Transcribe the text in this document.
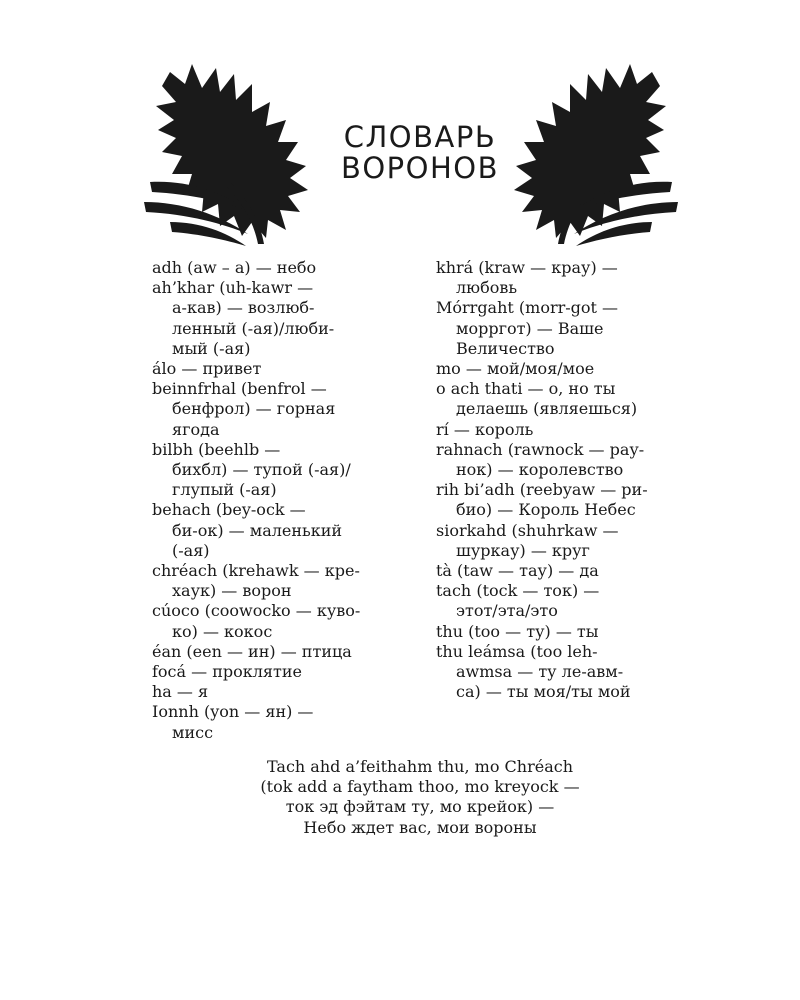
СЛОВАРЬ
ВОРОНОВ
adh (aw – a) — небо
ah’khar (uh-kawr —
а-кав) — возлюб-
ленный (-ая)/люби-
мый (-ая)
álo — привет
beinnfrhal (benfrol —
бенфрол) — горная
ягода
bilbh (beehlb —
бихбл) — тупой (-ая)/
глупый (-ая)
behach (bey-ock —
би-ок) — маленький
(-ая)
chréach (krehawk — кре-
хаук) — ворон
cúoco (coowocko — куво-
ко) — кокос
éan (een — ин) — птица
focá — проклятие
ha — я
Ionnh (yon — ян) —
мисс
khrá (kraw — крау) —
любовь
Mórrgaht (morr-got —
морргот) — Ваше
Величество
mo — мой/моя/мое
o ach thati — о, но ты
делаешь (являешься)
rí — король
rahnach (rawnock — рау-
нок) — королевство
rih bi’adh (reebyaw — ри-
био) — Король Небес
siorkahd (shuhrkaw —
шуркау) — круг
tà (taw — тау) — да
tach (tock — ток) —
этот/эта/это
thu (too — ту) — ты
thu leámsa (too leh-
awmsa — ту ле-авм-
са) — ты моя/ты мой
Tach ahd a’feithahm thu, mo Chréach
(tok add a faytham thoo, mo kreyock —
ток эд фэйтам ту, мо крейок) —
Небо ждет вас, мои вороны
